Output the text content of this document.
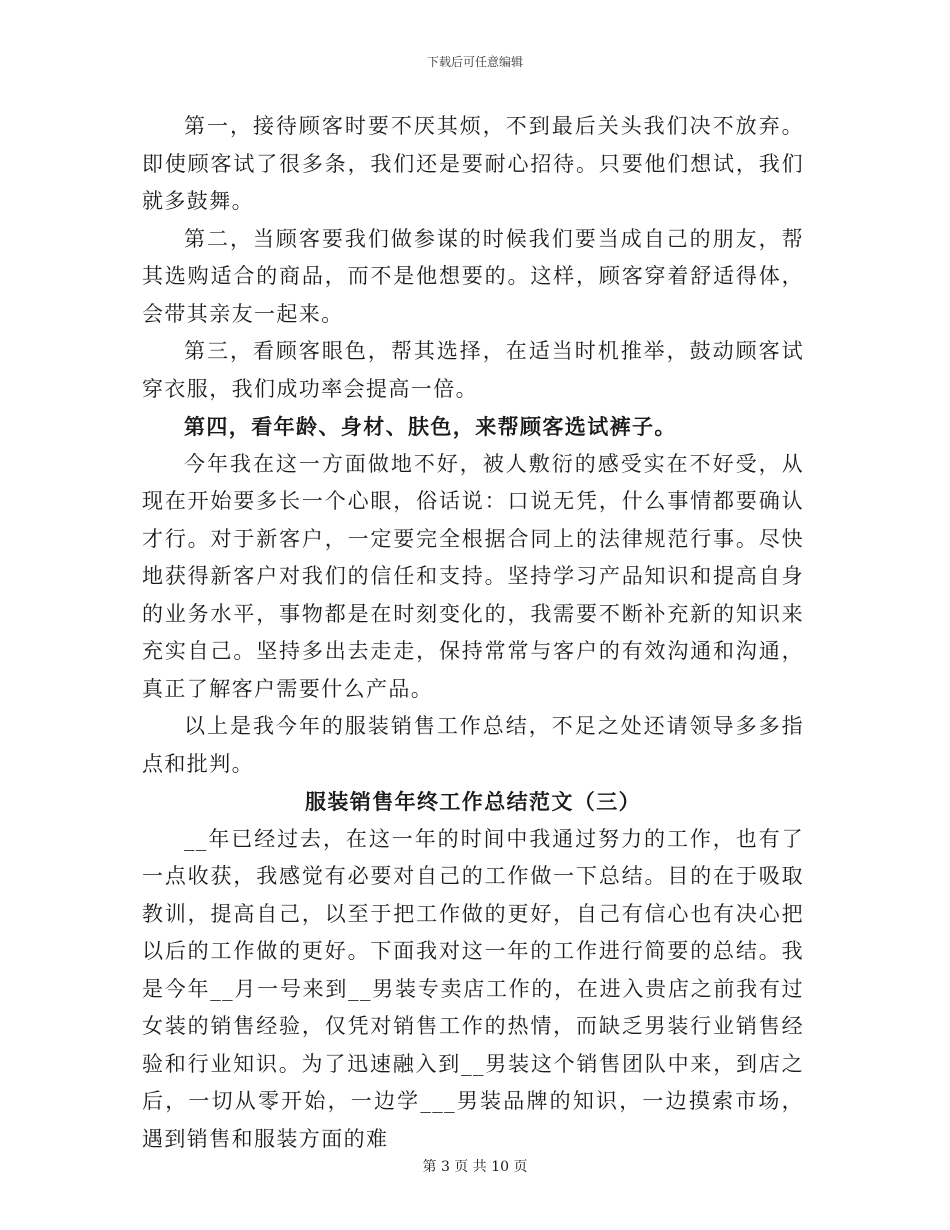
下载后可任意编辑

第一，接待顾客时要不厌其烦，不到最后关头我们决不放弃。即使顾客试了很多条，我们还是要耐心招待。只要他们想试，我们就多鼓舞。

第二，当顾客要我们做参谋的时候我们要当成自己的朋友，帮其选购适合的商品，而不是他想要的。这样，顾客穿着舒适得体，会带其亲友一起来。

第三，看顾客眼色，帮其选择，在适当时机推举，鼓动顾客试穿衣服，我们成功率会提高一倍。

第四，看年龄、身材、肤色，来帮顾客选试裤子。

今年我在这一方面做地不好，被人敷衍的感受实在不好受，从现在开始要多长一个心眼，俗话说：口说无凭，什么事情都要确认才行。对于新客户，一定要完全根据合同上的法律规范行事。尽快地获得新客户对我们的信任和支持。坚持学习产品知识和提高自身的业务水平，事物都是在时刻变化的，我需要不断补充新的知识来充实自己。坚持多出去走走，保持常常与客户的有效沟通和沟通，真正了解客户需要什么产品。

以上是我今年的服装销售工作总结，不足之处还请领导多多指点和批判。

服装销售年终工作总结范文（三）

__年已经过去，在这一年的时间中我通过努力的工作，也有了一点收获，我感觉有必要对自己的工作做一下总结。目的在于吸取教训，提高自己，以至于把工作做的更好，自己有信心也有决心把以后的工作做的更好。下面我对这一年的工作进行简要的总结。我是今年__月一号来到__男装专卖店工作的，在进入贵店之前我有过女装的销售经验，仅凭对销售工作的热情，而缺乏男装行业销售经验和行业知识。为了迅速融入到__男装这个销售团队中来，到店之后，一切从零开始，一边学___男装品牌的知识，一边摸索市场，遇到销售和服装方面的难

第 3 页 共 10 页
